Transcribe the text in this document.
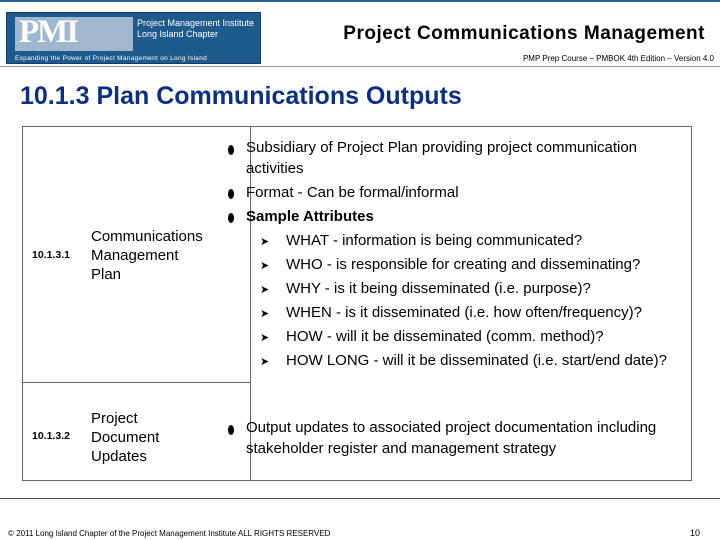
PMI	Project Management Institute
Long Island Chapter
Expanding the Power of Project Management on Long Island
Project Communications Management
PMP Prep Course – PMBOK 4th Edition – Version 4.0
10.1.3 Plan Communications Outputs
10.1.3.1
Communications
Management
Plan
Subsidiary of Project Plan providing project communication
activities
Format - Can be formal/informal
Sample Attributes
➤ WHAT - information is being communicated?
➤ WHO - is responsible for creating and disseminating?
➤ WHY - is it being disseminated (i.e. purpose)?
➤ WHEN - is it disseminated (i.e. how often/frequency)?
➤ HOW - will it be disseminated (comm. method)?
➤ HOW LONG - will it be disseminated (i.e. start/end date)?
10.1.3.2
Project
Document
Updates
Output updates to associated project documentation including
stakeholder register and management strategy
© 2011 Long Island Chapter of the Project Management Institute ALL RIGHTS RESERVED	10
